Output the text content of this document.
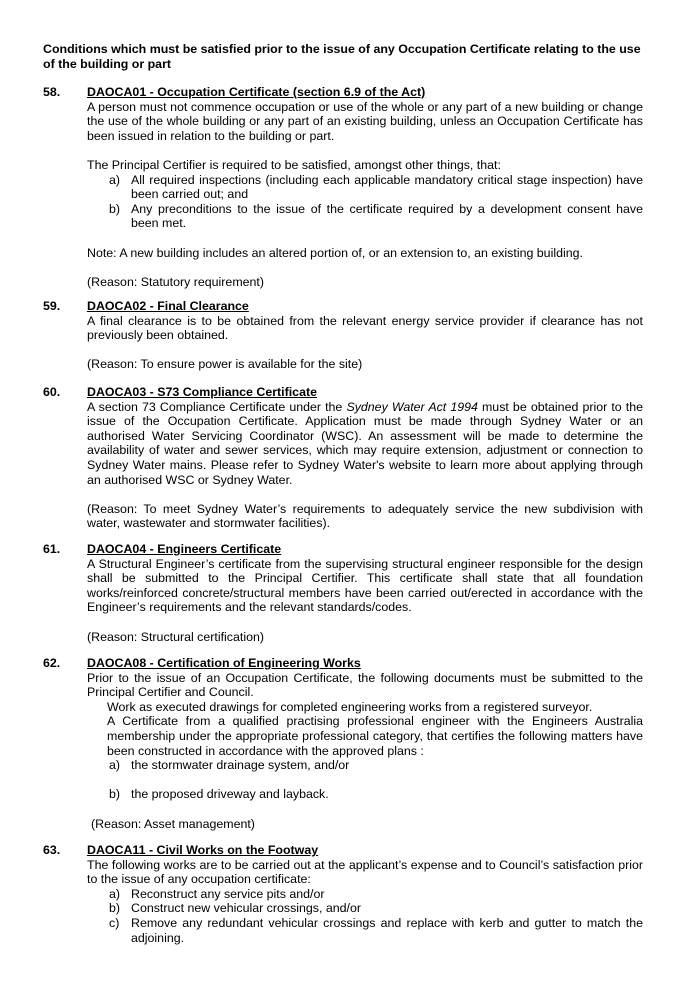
Conditions which must be satisfied prior to the issue of any Occupation Certificate relating to the use of the building or part
58. DAOCA01 - Occupation Certificate (section 6.9 of the Act)
A person must not commence occupation or use of the whole or any part of a new building or change the use of the whole building or any part of an existing building, unless an Occupation Certificate has been issued in relation to the building or part.
The Principal Certifier is required to be satisfied, amongst other things, that:
a) All required inspections (including each applicable mandatory critical stage inspection) have been carried out; and
b) Any preconditions to the issue of the certificate required by a development consent have been met.
Note: A new building includes an altered portion of, or an extension to, an existing building.
(Reason: Statutory requirement)
59. DAOCA02 - Final Clearance
A final clearance is to be obtained from the relevant energy service provider if clearance has not previously been obtained.
(Reason: To ensure power is available for the site)
60. DAOCA03 - S73 Compliance Certificate
A section 73 Compliance Certificate under the Sydney Water Act 1994 must be obtained prior to the issue of the Occupation Certificate. Application must be made through Sydney Water or an authorised Water Servicing Coordinator (WSC). An assessment will be made to determine the availability of water and sewer services, which may require extension, adjustment or connection to Sydney Water mains. Please refer to Sydney Water's website to learn more about applying through an authorised WSC or Sydney Water.
(Reason: To meet Sydney Water’s requirements to adequately service the new subdivision with water, wastewater and stormwater facilities).
61. DAOCA04 - Engineers Certificate
A Structural Engineer’s certificate from the supervising structural engineer responsible for the design shall be submitted to the Principal Certifier. This certificate shall state that all foundation works/reinforced concrete/structural members have been carried out/erected in accordance with the Engineer’s requirements and the relevant standards/codes.
(Reason: Structural certification)
62. DAOCA08 - Certification of Engineering Works
Prior to the issue of an Occupation Certificate, the following documents must be submitted to the Principal Certifier and Council.
Work as executed drawings for completed engineering works from a registered surveyor.
A Certificate from a qualified practising professional engineer with the Engineers Australia membership under the appropriate professional category, that certifies the following matters have been constructed in accordance with the approved plans :
a) the stormwater drainage system, and/or
b) the proposed driveway and layback.
(Reason: Asset management)
63. DAOCA11 - Civil Works on the Footway
The following works are to be carried out at the applicant’s expense and to Council’s satisfaction prior to the issue of any occupation certificate:
a) Reconstruct any service pits and/or
b) Construct new vehicular crossings, and/or
c) Remove any redundant vehicular crossings and replace with kerb and gutter to match the adjoining.
